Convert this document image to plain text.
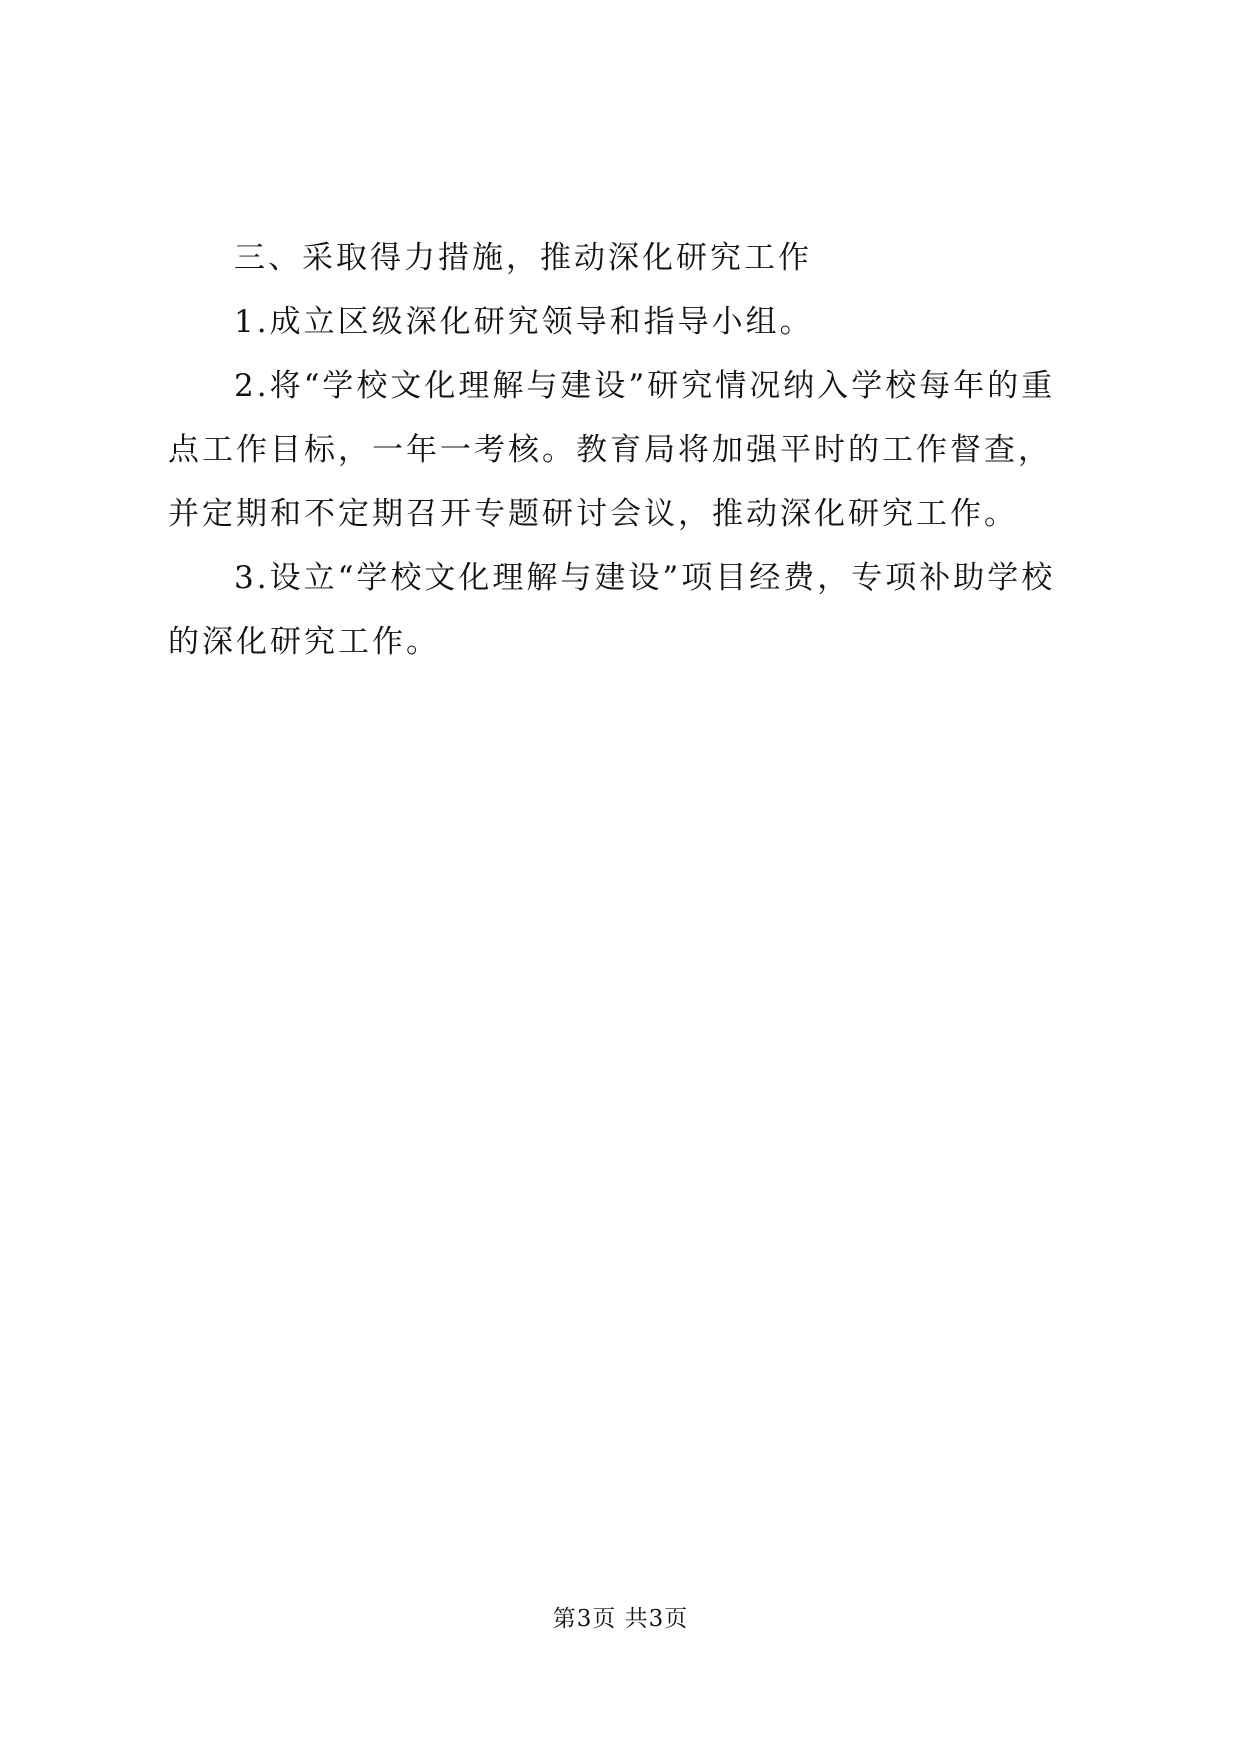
三、采取得力措施，推动深化研究工作

1.成立区级深化研究领导和指导小组。

2.将“学校文化理解与建设”研究情况纳入学校每年的重点工作目标，一年一考核。教育局将加强平时的工作督查，并定期和不定期召开专题研讨会议，推动深化研究工作。

3.设立“学校文化理解与建设”项目经费，专项补助学校的深化研究工作。

第3页 共3页
